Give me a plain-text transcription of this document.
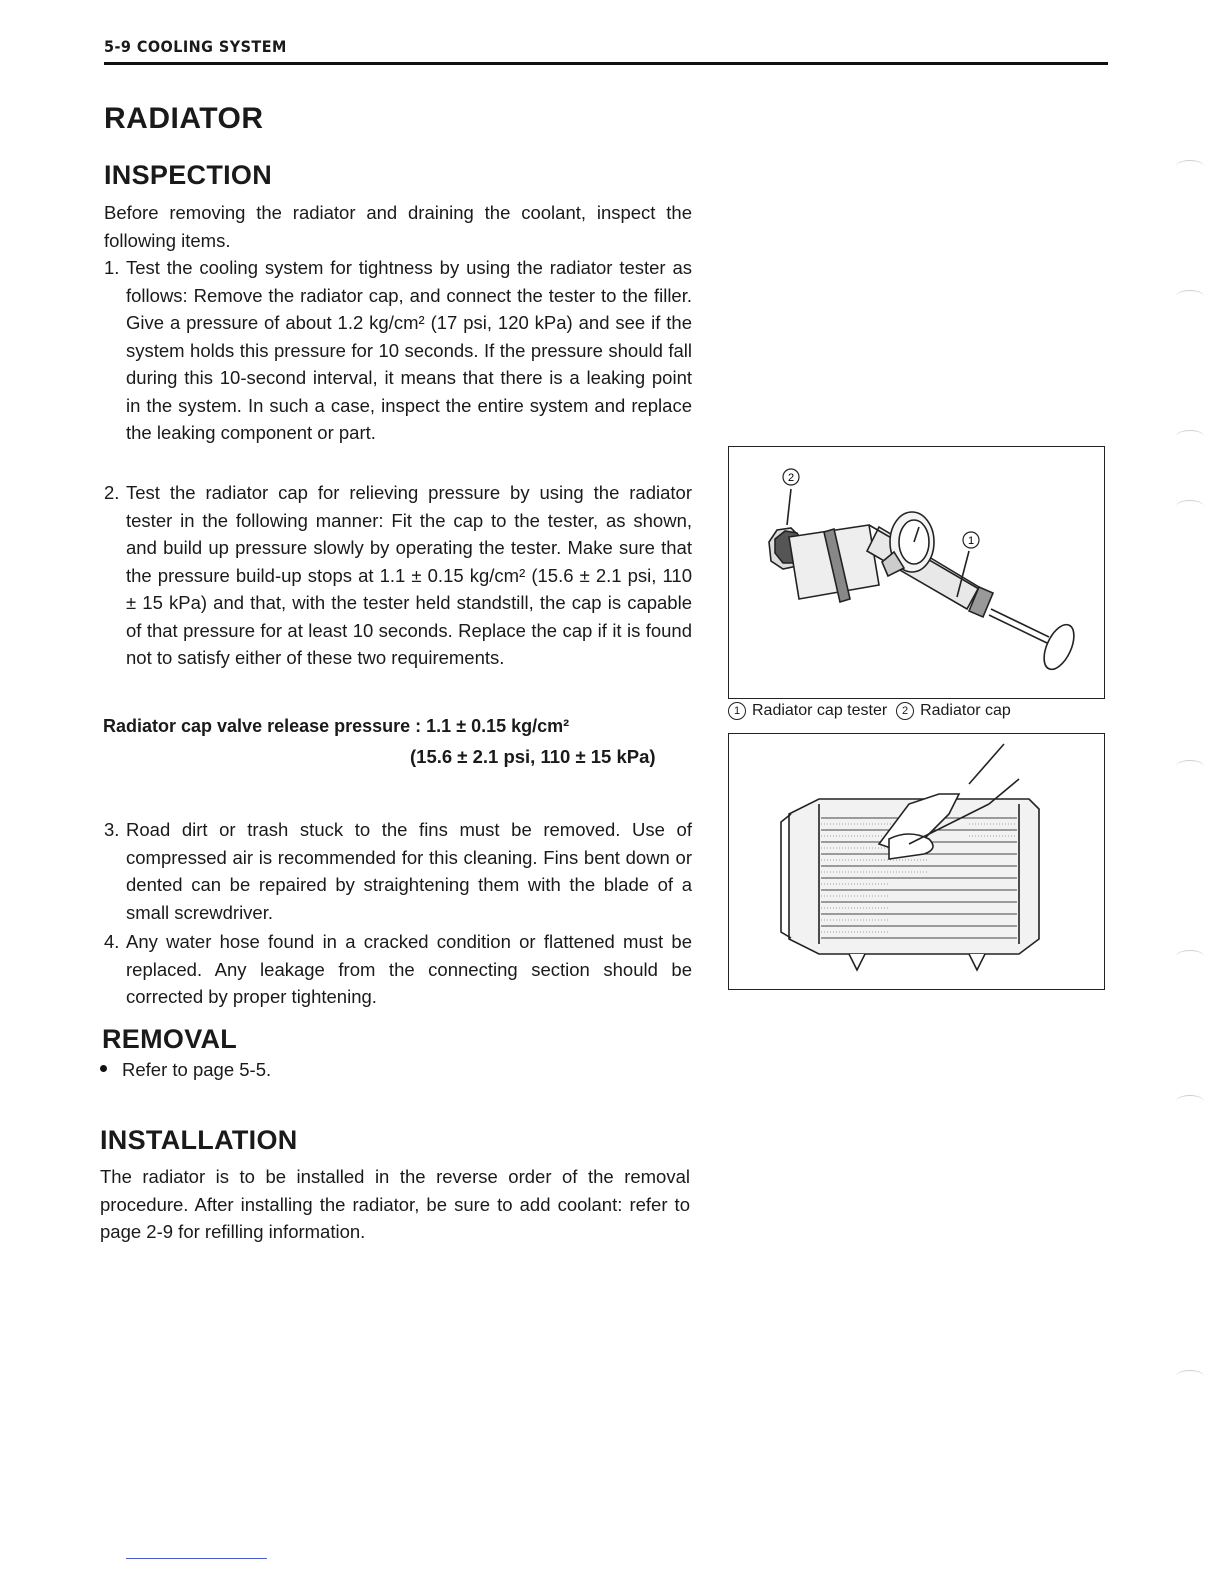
5-9 COOLING SYSTEM
RADIATOR
INSPECTION

Before removing the radiator and draining the coolant, inspect the following items.

1. Test the cooling system for tightness by using the radiator tester as follows: Remove the radiator cap, and connect the tester to the filler. Give a pressure of about 1.2 kg/cm² (17 psi, 120 kPa) and see if the system holds this pressure for 10 seconds. If the pressure should fall during this 10-second interval, it means that there is a leaking point in the system. In such a case, inspect the entire system and replace the leaking component or part.
2. Test the radiator cap for relieving pressure by using the radiator tester in the following manner: Fit the cap to the tester, as shown, and build up pressure slowly by operating the tester. Make sure that the pressure build-up stops at 1.1 ± 0.15 kg/cm² (15.6 ± 2.1 psi, 110 ± 15 kPa) and that, with the tester held standstill, the cap is capable of that pressure for at least 10 seconds. Replace the cap if it is found not to satisfy either of these two requirements.
Radiator cap valve release pressure : 1.1 ± 0.15 kg/cm²
(15.6 ± 2.1 psi, 110 ± 15 kPa)
3. Road dirt or trash stuck to the fins must be removed. Use of compressed air is recommended for this cleaning. Fins bent down or dented can be repaired by straightening them with the blade of a small screwdriver.
4. Any water hose found in a cracked condition or flattened must be replaced. Any leakage from the connecting section should be corrected by proper tightening.
REMOVAL
Refer to page 5-5.
INSTALLATION

The radiator is to be installed in the reverse order of the removal procedure. After installing the radiator, be sure to add coolant: refer to page 2-9 for refilling information.

2
1
1 Radiator cap tester 2 Radiator cap
